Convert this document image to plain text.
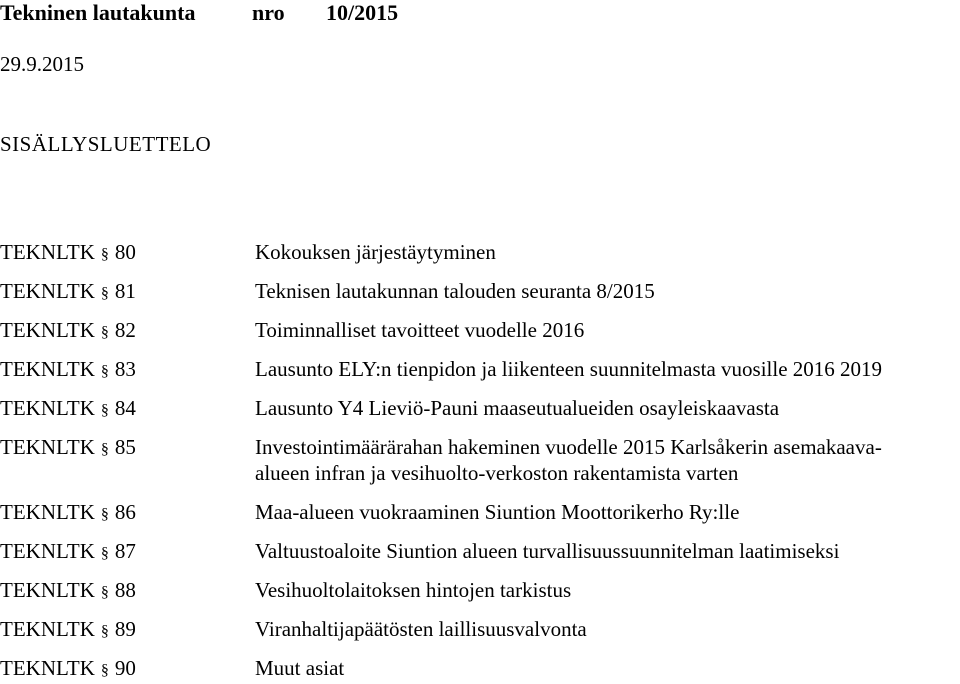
Tekninen lautakunta	nro 10/2015
29.9.2015
SISÄLLYSLUETTELO
TEKNLTK § 80	Kokouksen järjestäytyminen
TEKNLTK § 81	Teknisen lautakunnan talouden seuranta 8/2015
TEKNLTK § 82	Toiminnalliset tavoitteet vuodelle 2016
TEKNLTK § 83	Lausunto ELY:n tienpidon ja liikenteen suunnitelmasta vuosille 2016 2019
TEKNLTK § 84	Lausunto Y4 Lieviö-Pauni maaseutualueiden osayleiskaavasta
TEKNLTK § 85	Investointimäärärahan hakeminen vuodelle 2015 Karlsåkerin asemakaava-
alueen infran ja vesihuolto-verkoston rakentamista varten
TEKNLTK § 86	Maa-alueen vuokraaminen Siuntion Moottorikerho Ry:lle
TEKNLTK § 87	Valtuustoaloite Siuntion alueen turvallisuussuunnitelman laatimiseksi
TEKNLTK § 88	Vesihuoltolaitoksen hintojen tarkistus
TEKNLTK § 89	Viranhaltijapäätösten laillisuusvalvonta
TEKNLTK § 90	Muut asiat
